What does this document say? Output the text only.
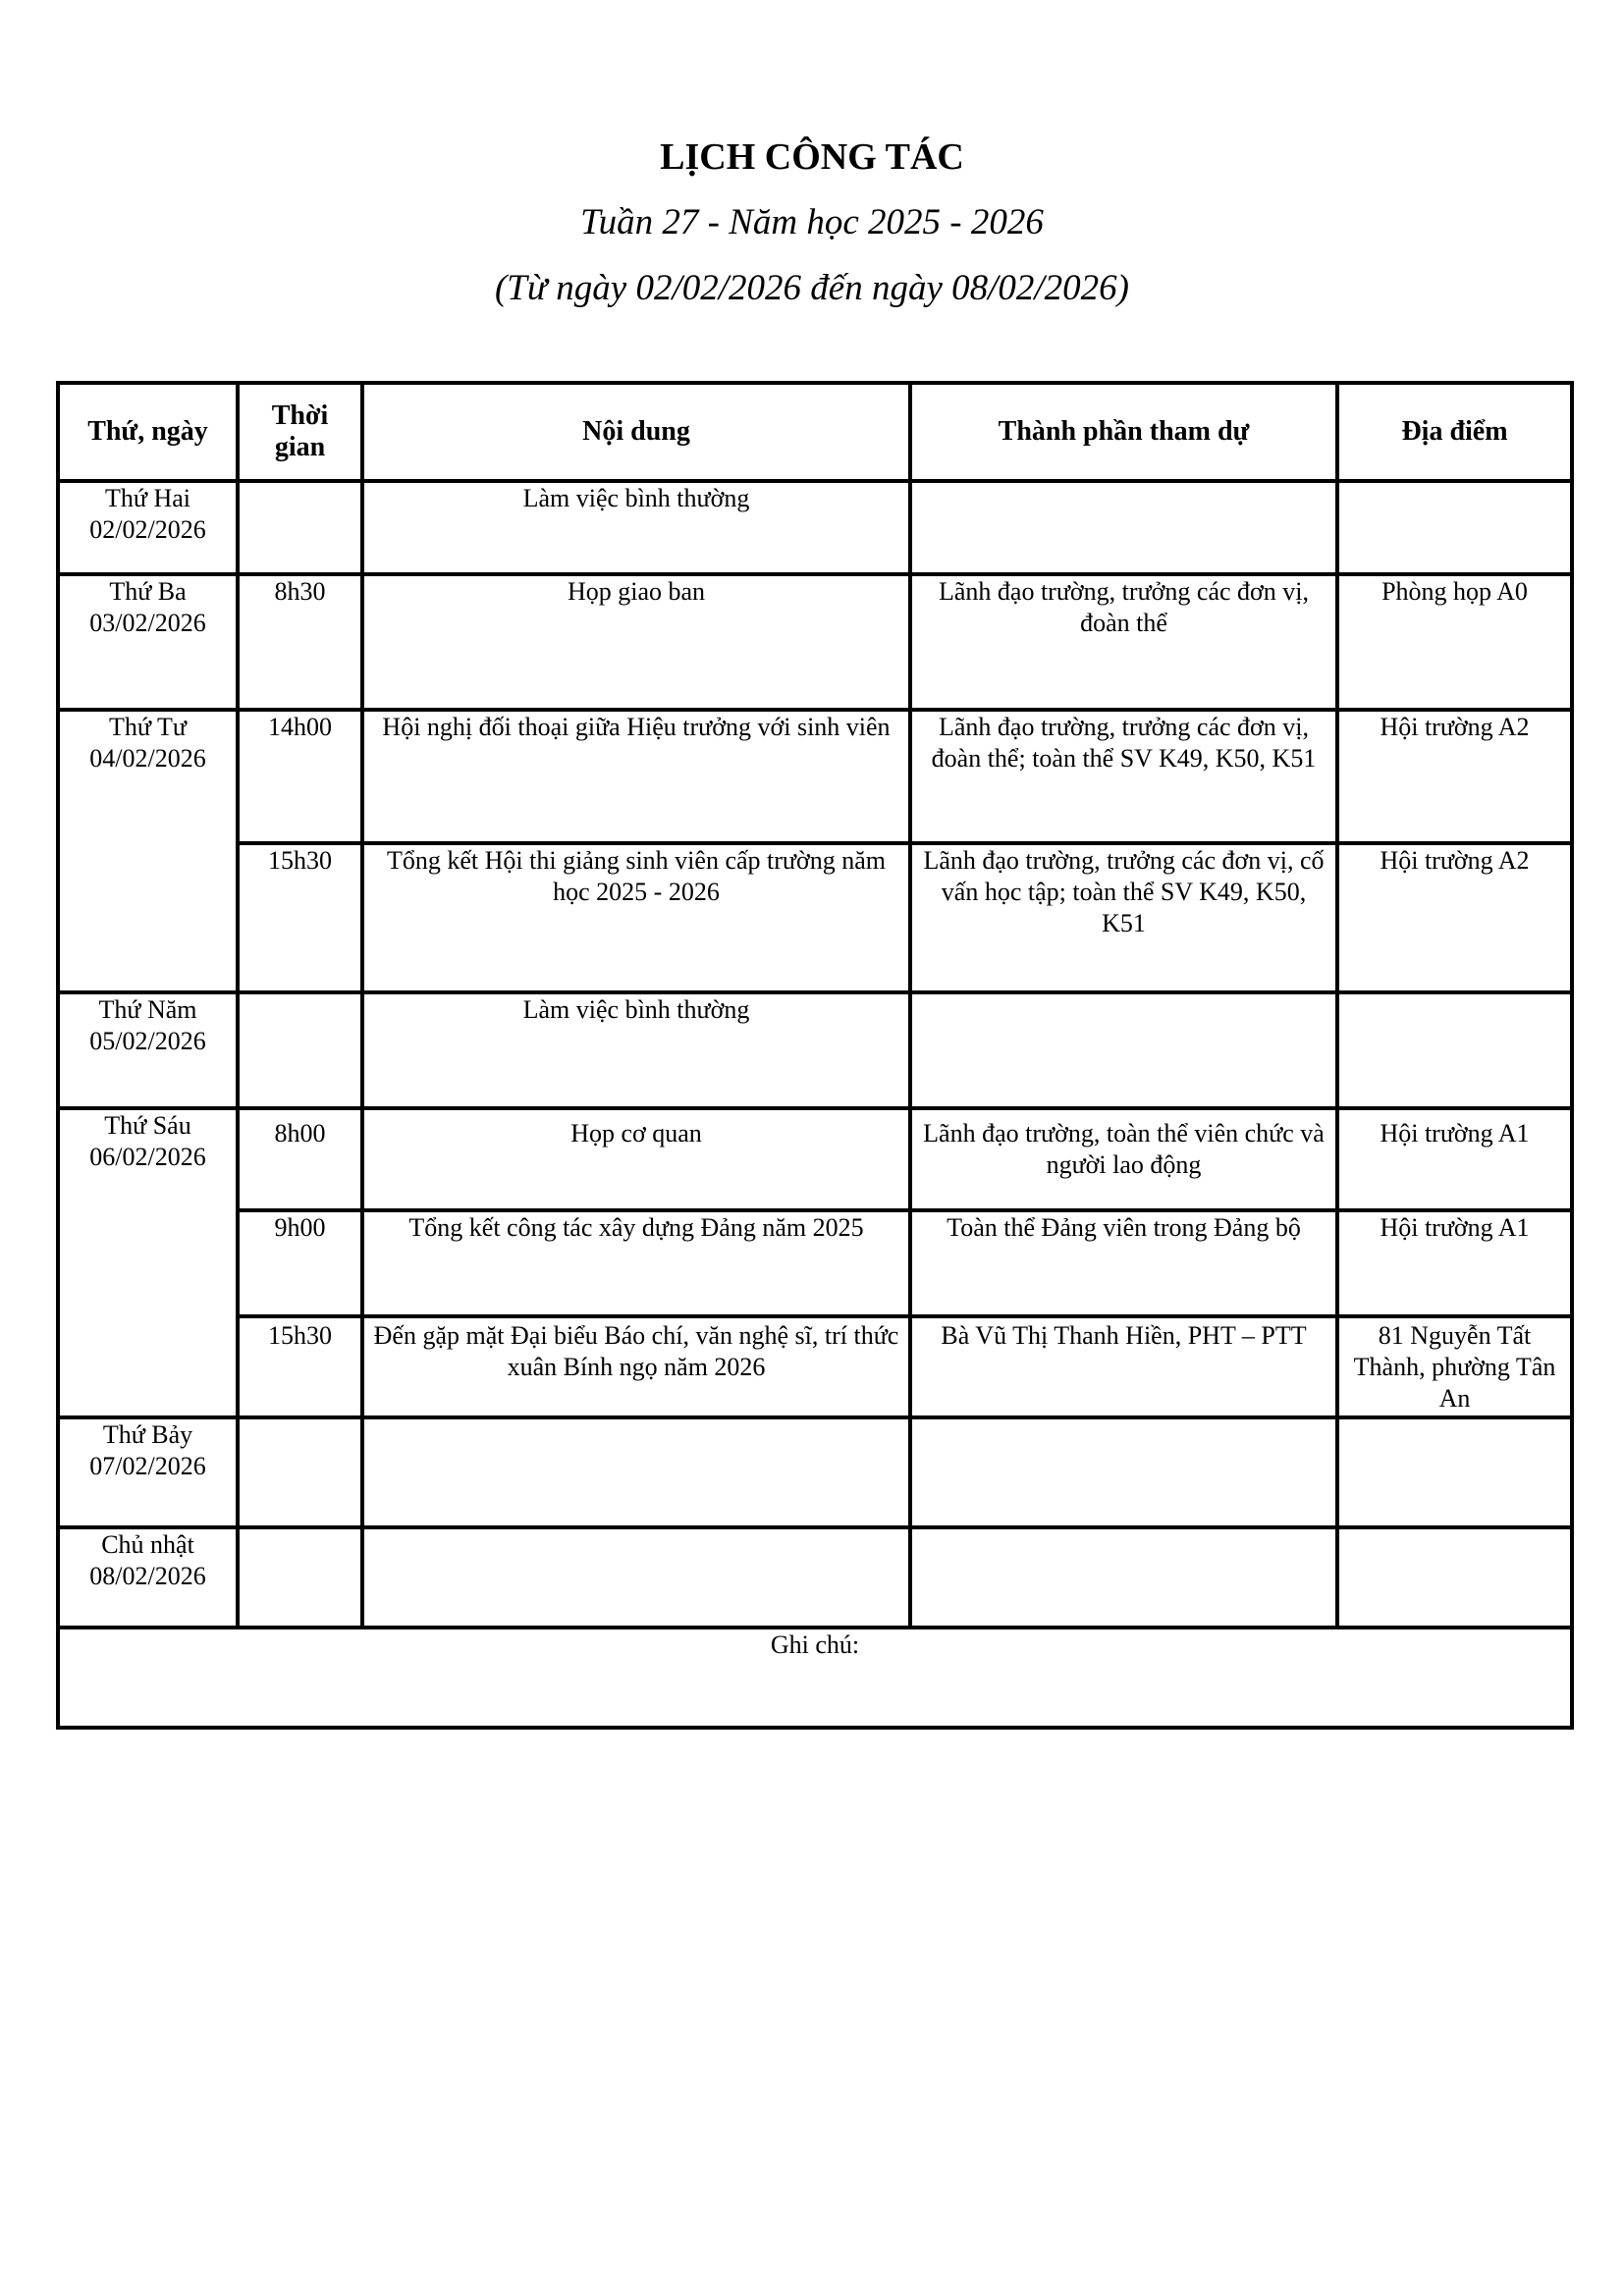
LỊCH CÔNG TÁC
Tuần 27 - Năm học 2025 - 2026
(Từ ngày 02/02/2026 đến ngày 08/02/2026)
Thứ, ngày	Thời gian	Nội dung	Thành phần tham dự	Địa điểm

Thứ Hai
02/02/2026		Làm việc bình thường		

Thứ Ba
03/02/2026	8h30	Họp giao ban	Lãnh đạo trường, trưởng các đơn vị, đoàn thể	Phòng họp A0

Thứ Tư
04/02/2026	14h00	Hội nghị đối thoại giữa Hiệu trưởng với sinh viên	Lãnh đạo trường, trưởng các đơn vị, đoàn thể; toàn thể SV K49, K50, K51	Hội trường A2
	15h30	Tổng kết Hội thi giảng sinh viên cấp trường năm học 2025 - 2026	Lãnh đạo trường, trưởng các đơn vị, cố vấn học tập; toàn thể SV K49, K50, K51	Hội trường A2

Thứ Năm
05/02/2026		Làm việc bình thường		

Thứ Sáu
06/02/2026	8h00	Họp cơ quan	Lãnh đạo trường, toàn thể viên chức và người lao động	Hội trường A1
	9h00	Tổng kết công tác xây dựng Đảng năm 2025	Toàn thể Đảng viên trong Đảng bộ	Hội trường A1
	15h30	Đến gặp mặt Đại biểu Báo chí, văn nghệ sĩ, trí thức xuân Bính ngọ năm 2026	Bà Vũ Thị Thanh Hiền, PHT – PTT	81 Nguyễn Tất Thành, phường Tân An

Thứ Bảy
07/02/2026				

Chủ nhật
08/02/2026				

Ghi chú:				
